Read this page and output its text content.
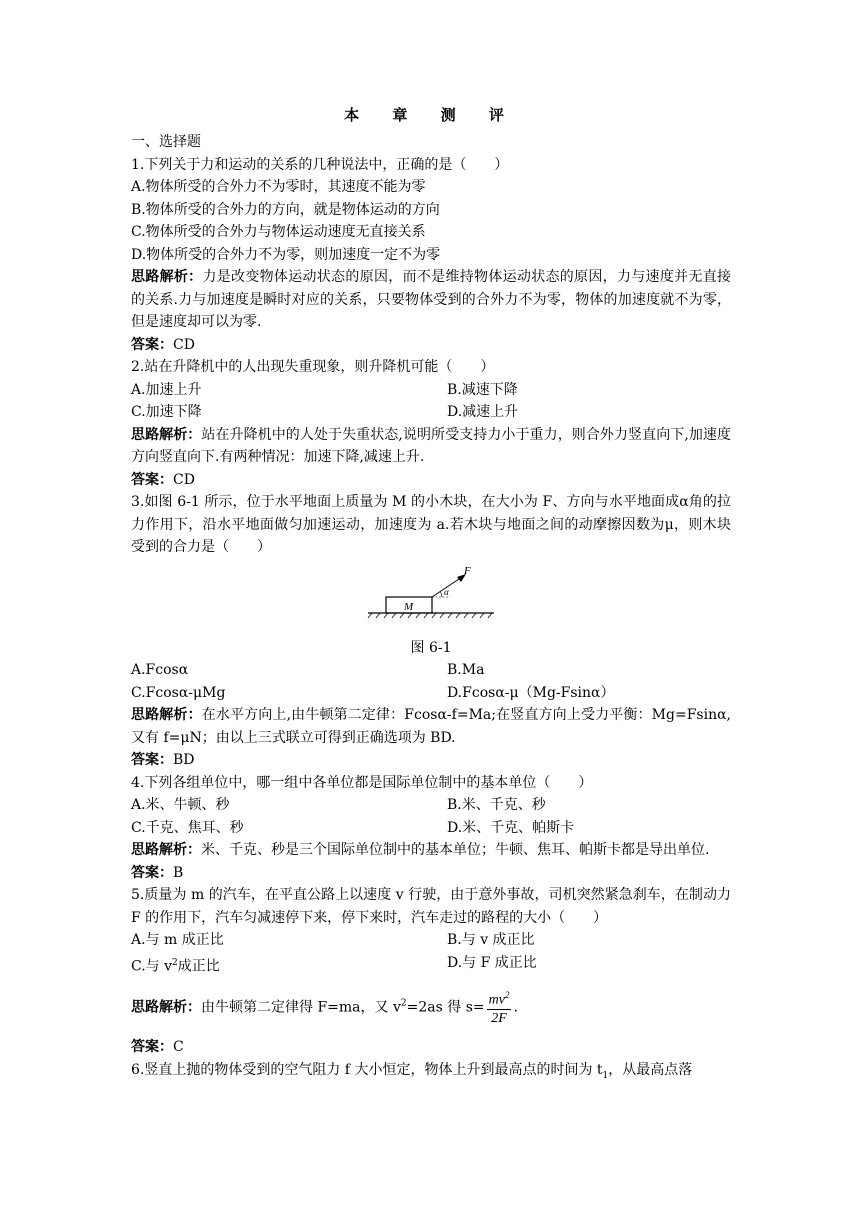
本 章 测 评
一、选择题
1.下列关于力和运动的关系的几种说法中，正确的是（　　）
A.物体所受的合外力不为零时，其速度不能为零
B.物体所受的合外力的方向，就是物体运动的方向
C.物体所受的合外力与物体运动速度无直接关系
D.物体所受的合外力不为零，则加速度一定不为零
思路解析：力是改变物体运动状态的原因，而不是维持物体运动状态的原因，力与速度并无直接的关系.力与加速度是瞬时对应的关系，只要物体受到的合外力不为零，物体的加速度就不为零，但是速度却可以为零.
答案：CD
2.站在升降机中的人出现失重现象，则升降机可能（　　）
A.加速上升	B.减速下降
C.加速下降	D.减速上升
思路解析：站在升降机中的人处于失重状态,说明所受支持力小于重力，则合外力竖直向下,加速度方向竖直向下.有两种情况：加速下降,减速上升.
答案：CD
3.如图 6-1 所示，位于水平地面上质量为 M 的小木块，在大小为 F、方向与水平地面成α角的拉力作用下，沿水平地面做匀加速运动，加速度为 a.若木块与地面之间的动摩擦因数为μ，则木块受到的合力是（　　）
M
F
α
图 6-1
A.Fcosα	B.Ma
C.Fcosα-μMg	D.Fcosα-μ（Mg-Fsinα）
思路解析：在水平方向上,由牛顿第二定律：Fcosα-f=Ma;在竖直方向上受力平衡：Mg=Fsinα,又有 f=μN；由以上三式联立可得到正确选项为 BD.
答案：BD
4.下列各组单位中，哪一组中各单位都是国际单位制中的基本单位（　　）
A.米、牛顿、秒	B.米、千克、秒
C.千克、焦耳、秒	D.米、千克、帕斯卡
思路解析：米、千克、秒是三个国际单位制中的基本单位；牛顿、焦耳、帕斯卡都是导出单位.
答案：B
5.质量为 m 的汽车，在平直公路上以速度 v 行驶，由于意外事故，司机突然紧急刹车，在制动力 F 的作用下，汽车匀减速停下来，停下来时，汽车走过的路程的大小（　　）
A.与 m 成正比	B.与 v 成正比
C.与 $v^2$成正比	D.与 F 成正比
思路解析：由牛顿第二定律得 F=ma，又 $v^2=2as$ 得 $s= \frac{mv^2}{2F}$ .
答案：C
6.竖直上抛的物体受到的空气阻力 f 大小恒定，物体上升到最高点的时间为 $t_1$，从最高点落
